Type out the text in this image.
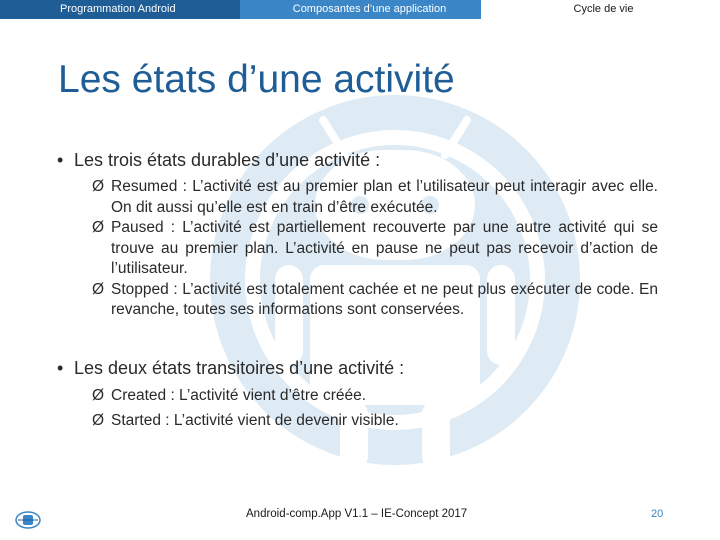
Programmation Android	Composantes d’une application	Cycle de vie
Les états d’une activité
• Les trois états durables d’une activité :
Ø Resumed : L’activité est au premier plan et l’utilisateur peut interagir avec elle. On dit aussi qu’elle est en train d’être exécutée.
Ø Paused : L’activité est partiellement recouverte par une autre activité qui se trouve au premier plan. L’activité en pause ne peut pas recevoir d’action de l’utilisateur.
Ø Stopped : L’activité est totalement cachée et ne peut plus exécuter de code. En revanche, toutes ses informations sont conservées.
• Les deux états transitoires d’une activité :
Ø Created : L’activité vient d’être créée.
Ø Started : L’activité vient de devenir visible.
Android-comp.App V1.1 – IE-Concept 2017	20
